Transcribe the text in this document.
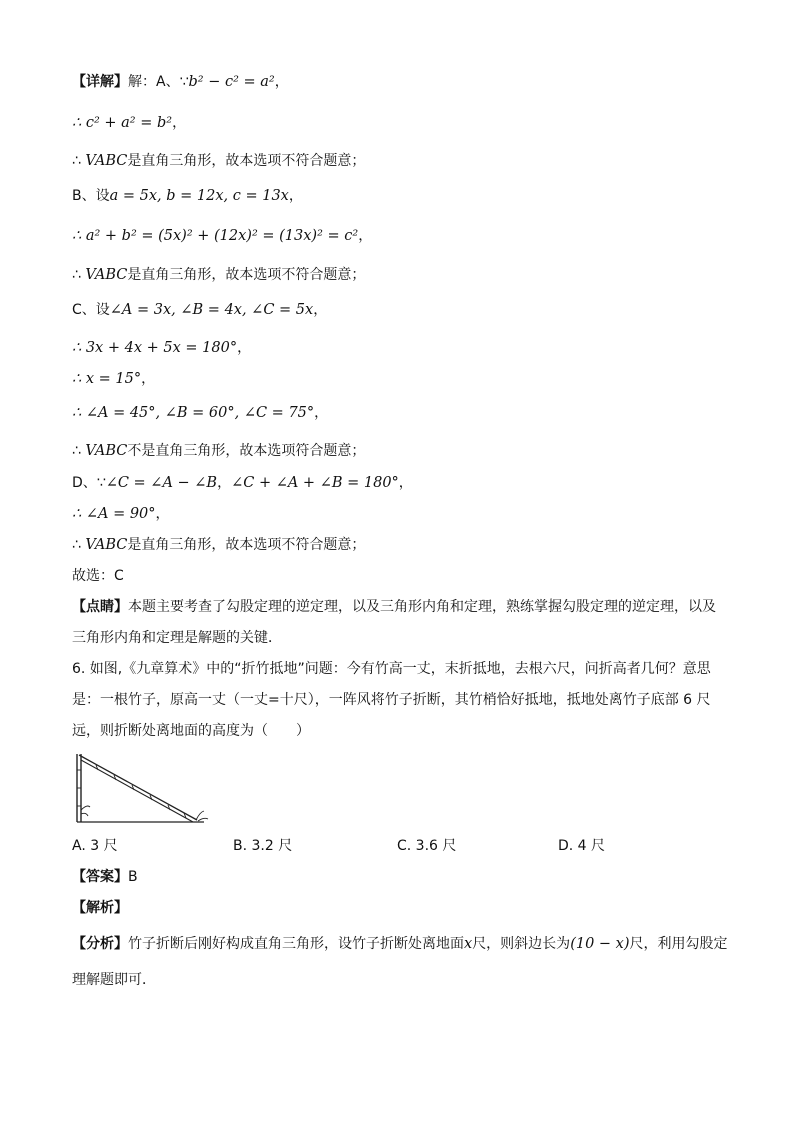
【详解】解：A、∵b² − c² = a²，
∴ c² + a² = b²，
∴ VABC是直角三角形，故本选项不符合题意；
B、设a = 5x, b = 12x, c = 13x，
∴ a² + b² = (5x)² + (12x)² = (13x)² = c²，
∴ VABC是直角三角形，故本选项不符合题意；
C、设∠A = 3x, ∠B = 4x, ∠C = 5x，
∴ 3x + 4x + 5x = 180°，
∴ x = 15°，
∴ ∠A = 45°, ∠B = 60°, ∠C = 75°，
∴ VABC不是直角三角形，故本选项符合题意；
D、∵∠C = ∠A − ∠B，∠C + ∠A + ∠B = 180°，
∴ ∠A = 90°，
∴ VABC是直角三角形，故本选项不符合题意；
故选：C
【点睛】本题主要考查了勾股定理的逆定理，以及三角形内角和定理，熟练掌握勾股定理的逆定理，以及
三角形内角和定理是解题的关键．
6. 如图,《九章算术》中的“折竹抵地”问题：今有竹高一丈，末折抵地，去根六尺，问折高者几何？意思
是：一根竹子，原高一丈（一丈=十尺），一阵风将竹子折断，其竹梢恰好抵地，抵地处离竹子底部 6 尺
远，则折断处离地面的高度为（　　）
A. 3 尺	B. 3.2 尺	C. 3.6 尺	D. 4 尺
【答案】B
【解析】
【分析】竹子折断后刚好构成直角三角形，设竹子折断处离地面x尺，则斜边长为(10 − x)尺，利用勾股定
理解题即可．
